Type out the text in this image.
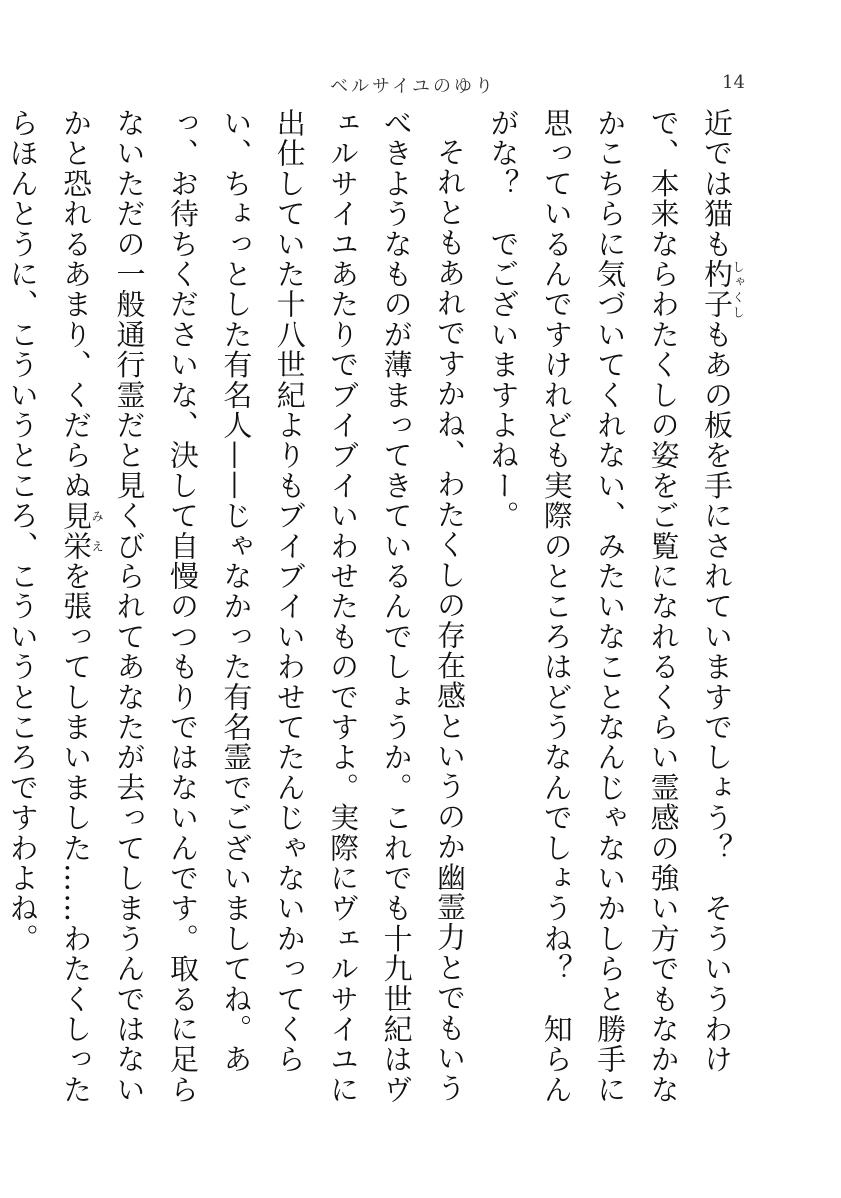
ベルサイユのゆり	14

近では猫も杓子しゃくしもあの板を手にされていますでしょう？　そういうわけで、本来ならわたくしの姿をご覧になれるくらい霊感の強い方でもなかなかこちらに気づいてくれない、みたいなことなんじゃないかしらと勝手に思っているんですけれども実際のところはどうなんでしょうね？　知らんがな？　でございますよねー。

それともあれですかね、わたくしの存在感というのか幽霊力とでもいうべきようなものが薄まってきているんでしょうか。これでも十九世紀はヴェルサイユあたりでブイブイいわせたものですよ。実際にヴェルサイユに出仕していた十八世紀よりもブイブイいわせてたんじゃないかってくらい、ちょっとした有名人——じゃなかった有名霊でございましてね。あっ、お待ちくださいな、決して自慢のつもりではないんです。取るに足らないただの一般通行霊だと見くびられてあなたが去ってしまうんではないかと恐れるあまり、くだらぬ見栄みえを張ってしまいました……わたくしったらほんとうに、こういうところ、こういうところですわよね。
